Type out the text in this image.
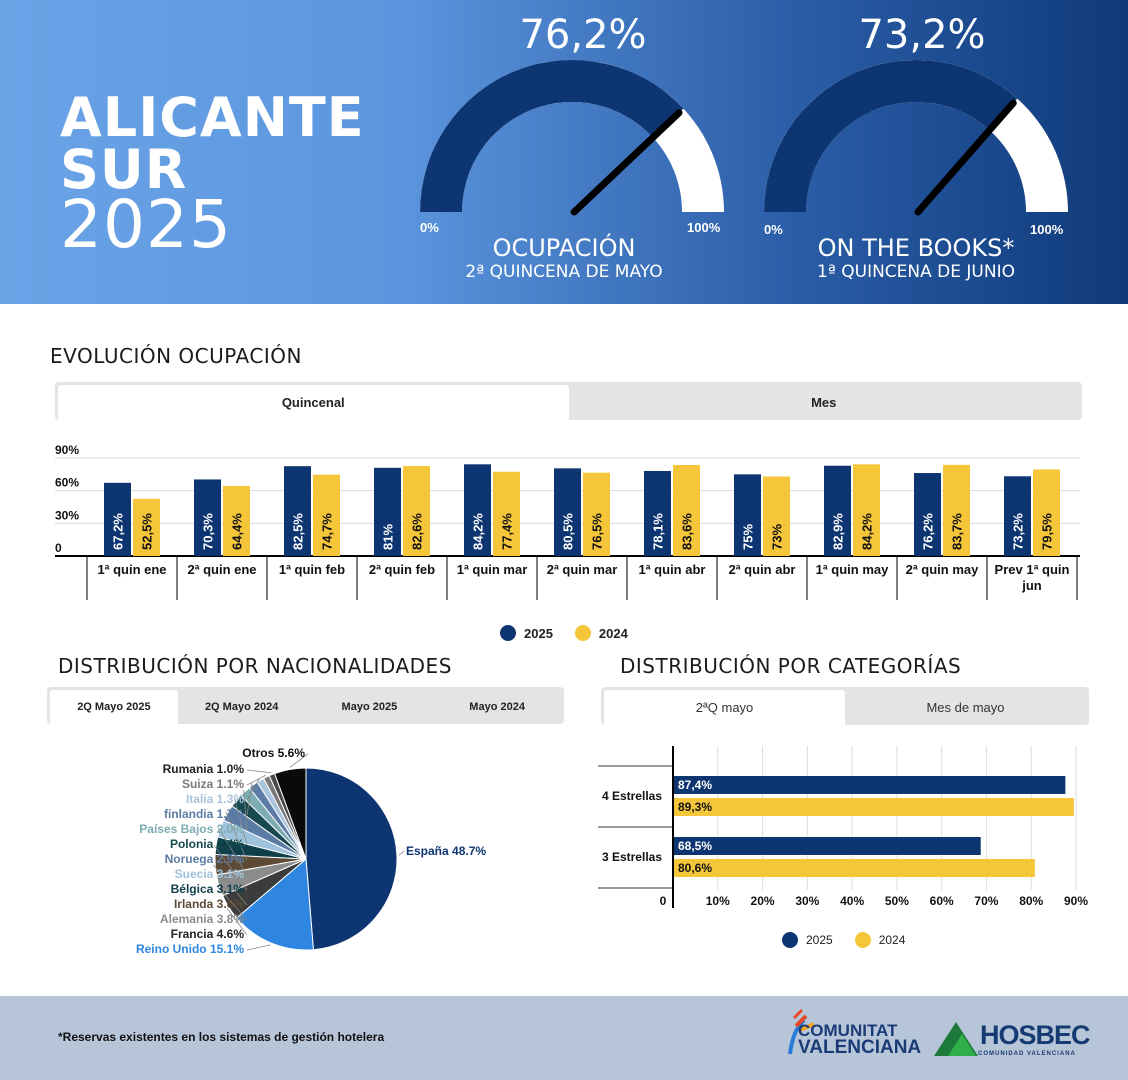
ALICANTE
SUR
2025
76,2%
0%	100%
OCUPACIÓN
2ª QUINCENA DE MAYO
73,2%
0%	100%
ON THE BOOKS*
1ª QUINCENA DE JUNIO
EVOLUCIÓN OCUPACIÓN
Quincenal	Mes
0
30%
60%
90%
67,2% 52,5%
1ª quin ene
70,3% 64,4%
2ª quin ene
82,5% 74,7%
1ª quin feb
81% 82,6%
2ª quin feb
84,2% 77,4%
1ª quin mar
80,5% 76,5%
2ª quin mar
78,1% 83,6%
1ª quin abr
75% 73%
2ª quin abr
82,9% 84,2%
1ª quin may
76,2% 83,7%
2ª quin may
73,2% 79,5%
Prev 1ª quin
jun
2025	2024
DISTRIBUCIÓN POR NACIONALIDADES
2Q Mayo 2025	2Q Mayo 2024	Mayo 2025	Mayo 2024
España 48.7%
Reino Unido 15.1%
Francia 4.6%
Alemania 3.8%
Irlanda 3.6%
Bélgica 3.1%
Suecia 3.1%
Noruega 2.9%
Polonia 2.4%
Países Bajos 2.0%
finlandia 1.7%
Italia 1.3%
Suiza 1.1%
Rumania 1.0%
Otros 5.6%
DISTRIBUCIÓN POR CATEGORÍAS
2ªQ mayo	Mes de mayo
0	10% 20% 30% 40% 50% 60% 70% 80% 90%
4 Estrellas
87,4%
89,3%
3 Estrellas
68,5%
80,6%
2025	2024
*Reservas existentes en los sistemas de gestión hotelera	COMUNITAT
VALENCIANA HOSBEC
COMUNIDAD VALENCIANA
